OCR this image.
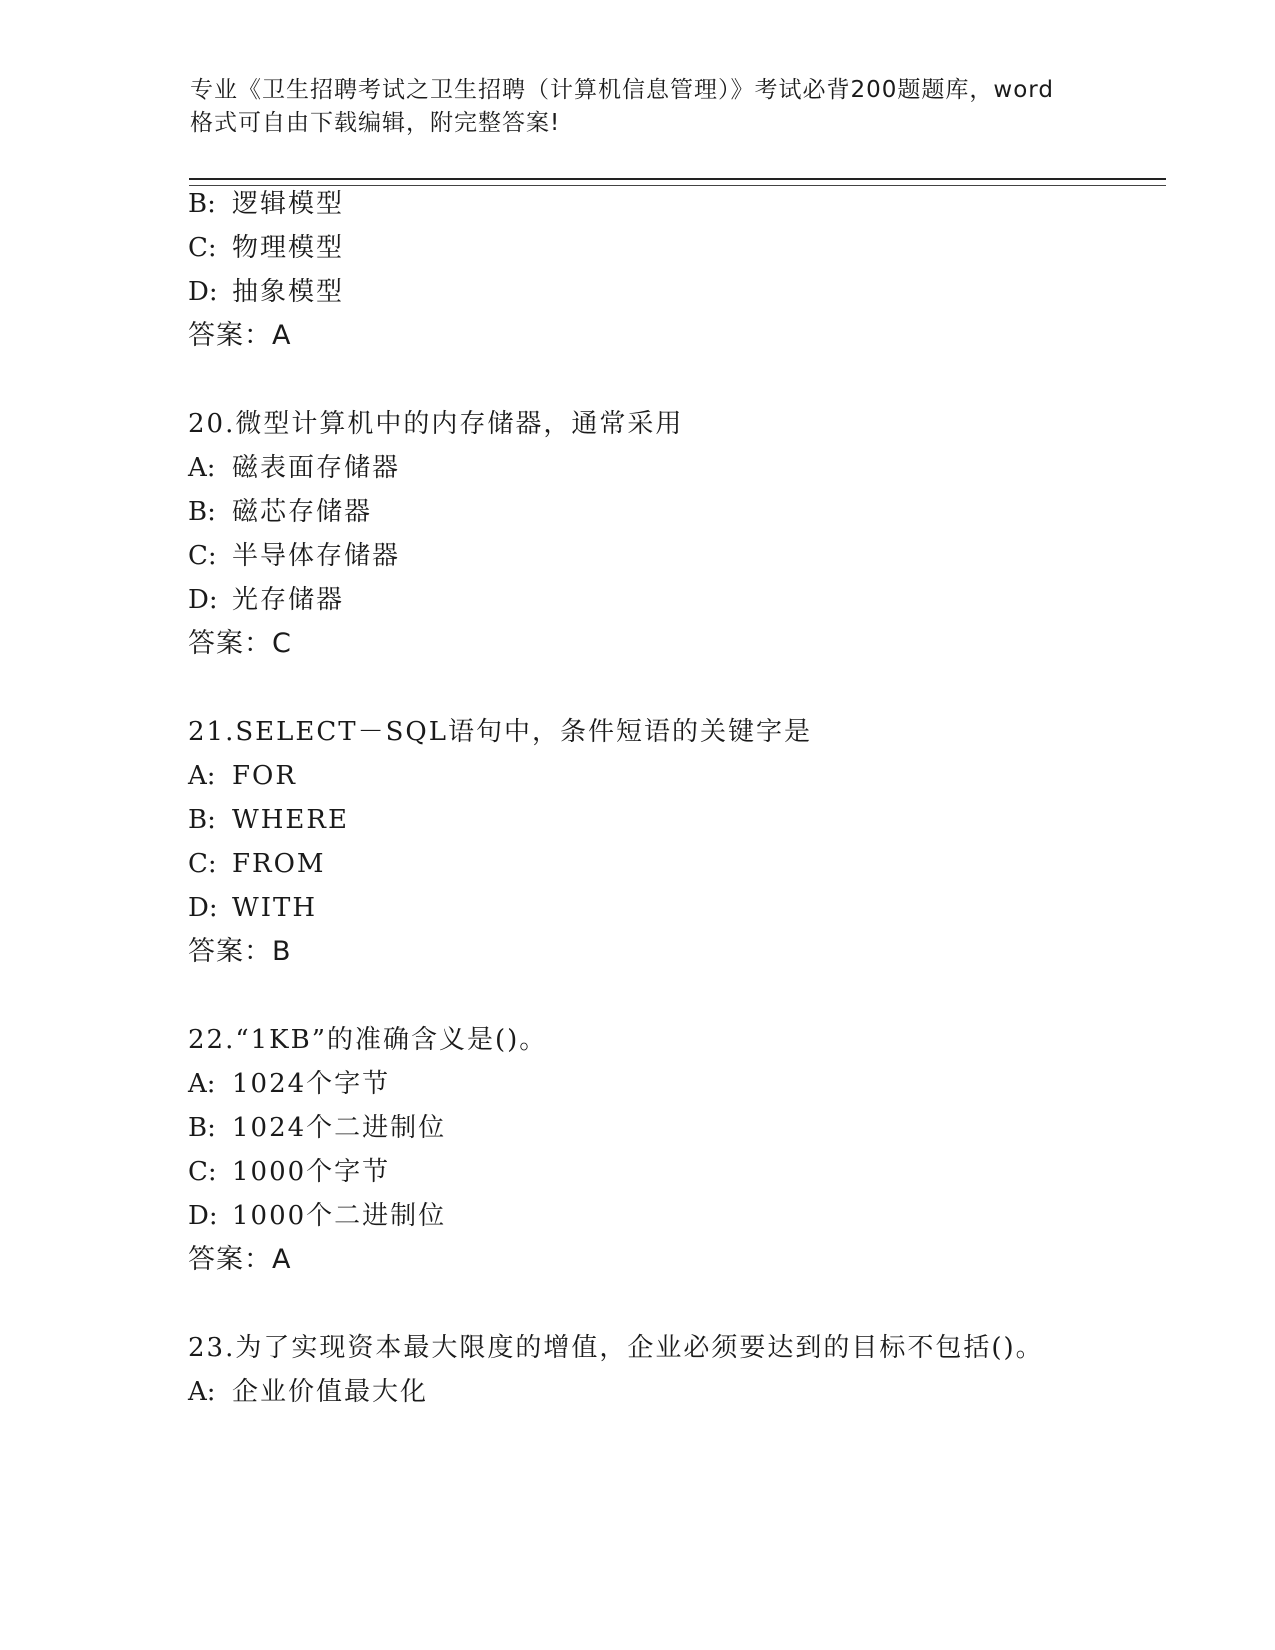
专业《卫生招聘考试之卫生招聘（计算机信息管理）》考试必背200题题库，word
格式可自由下载编辑，附完整答案!
B: 逻辑模型
C: 物理模型
D: 抽象模型
答案：A
20.微型计算机中的内存储器，通常采用
A: 磁表面存储器
B: 磁芯存储器
C: 半导体存储器
D: 光存储器
答案：C
21.SELECT－SQL语句中，条件短语的关键字是
A: FOR
B: WHERE
C: FROM
D: WITH
答案：B
22.“1KB”的准确含义是()。
A: 1024个字节
B: 1024个二进制位
C: 1000个字节
D: 1000个二进制位
答案：A
23.为了实现资本最大限度的增值，企业必须要达到的目标不包括()。
A: 企业价值最大化
